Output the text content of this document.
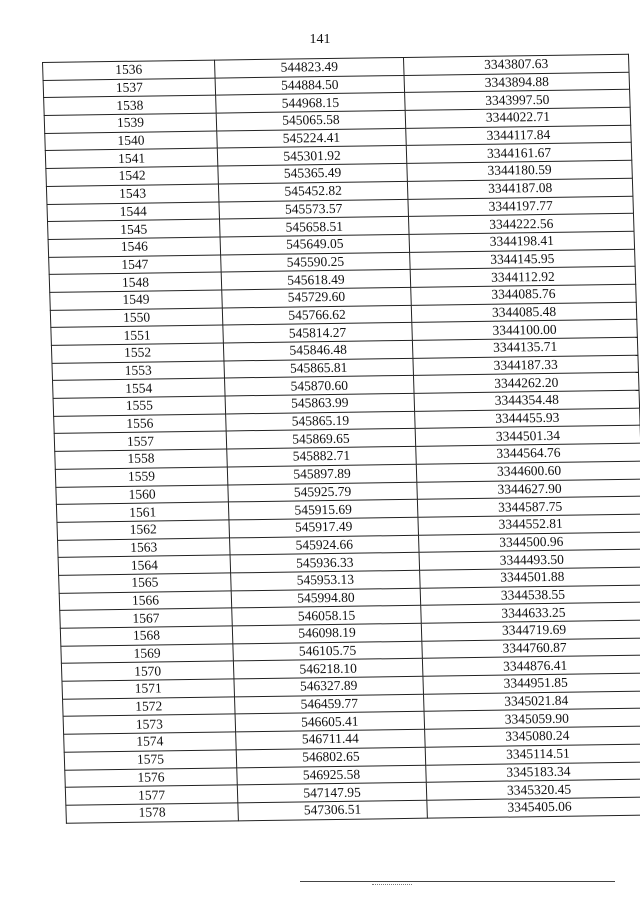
141
1536	544823.49	3343807.63
1537	544884.50	3343894.88
1538	544968.15	3343997.50
1539	545065.58	3344022.71
1540	545224.41	3344117.84
1541	545301.92	3344161.67
1542	545365.49	3344180.59
1543	545452.82	3344187.08
1544	545573.57	3344197.77
1545	545658.51	3344222.56
1546	545649.05	3344198.41
1547	545590.25	3344145.95
1548	545618.49	3344112.92
1549	545729.60	3344085.76
1550	545766.62	3344085.48
1551	545814.27	3344100.00
1552	545846.48	3344135.71
1553	545865.81	3344187.33
1554	545870.60	3344262.20
1555	545863.99	3344354.48
1556	545865.19	3344455.93
1557	545869.65	3344501.34
1558	545882.71	3344564.76
1559	545897.89	3344600.60
1560	545925.79	3344627.90
1561	545915.69	3344587.75
1562	545917.49	3344552.81
1563	545924.66	3344500.96
1564	545936.33	3344493.50
1565	545953.13	3344501.88
1566	545994.80	3344538.55
1567	546058.15	3344633.25
1568	546098.19	3344719.69
1569	546105.75	3344760.87
1570	546218.10	3344876.41
1571	546327.89	3344951.85
1572	546459.77	3345021.84
1573	546605.41	3345059.90
1574	546711.44	3345080.24
1575	546802.65	3345114.51
1576	546925.58	3345183.34
1577	547147.95	3345320.45
1578	547306.51	3345405.06
